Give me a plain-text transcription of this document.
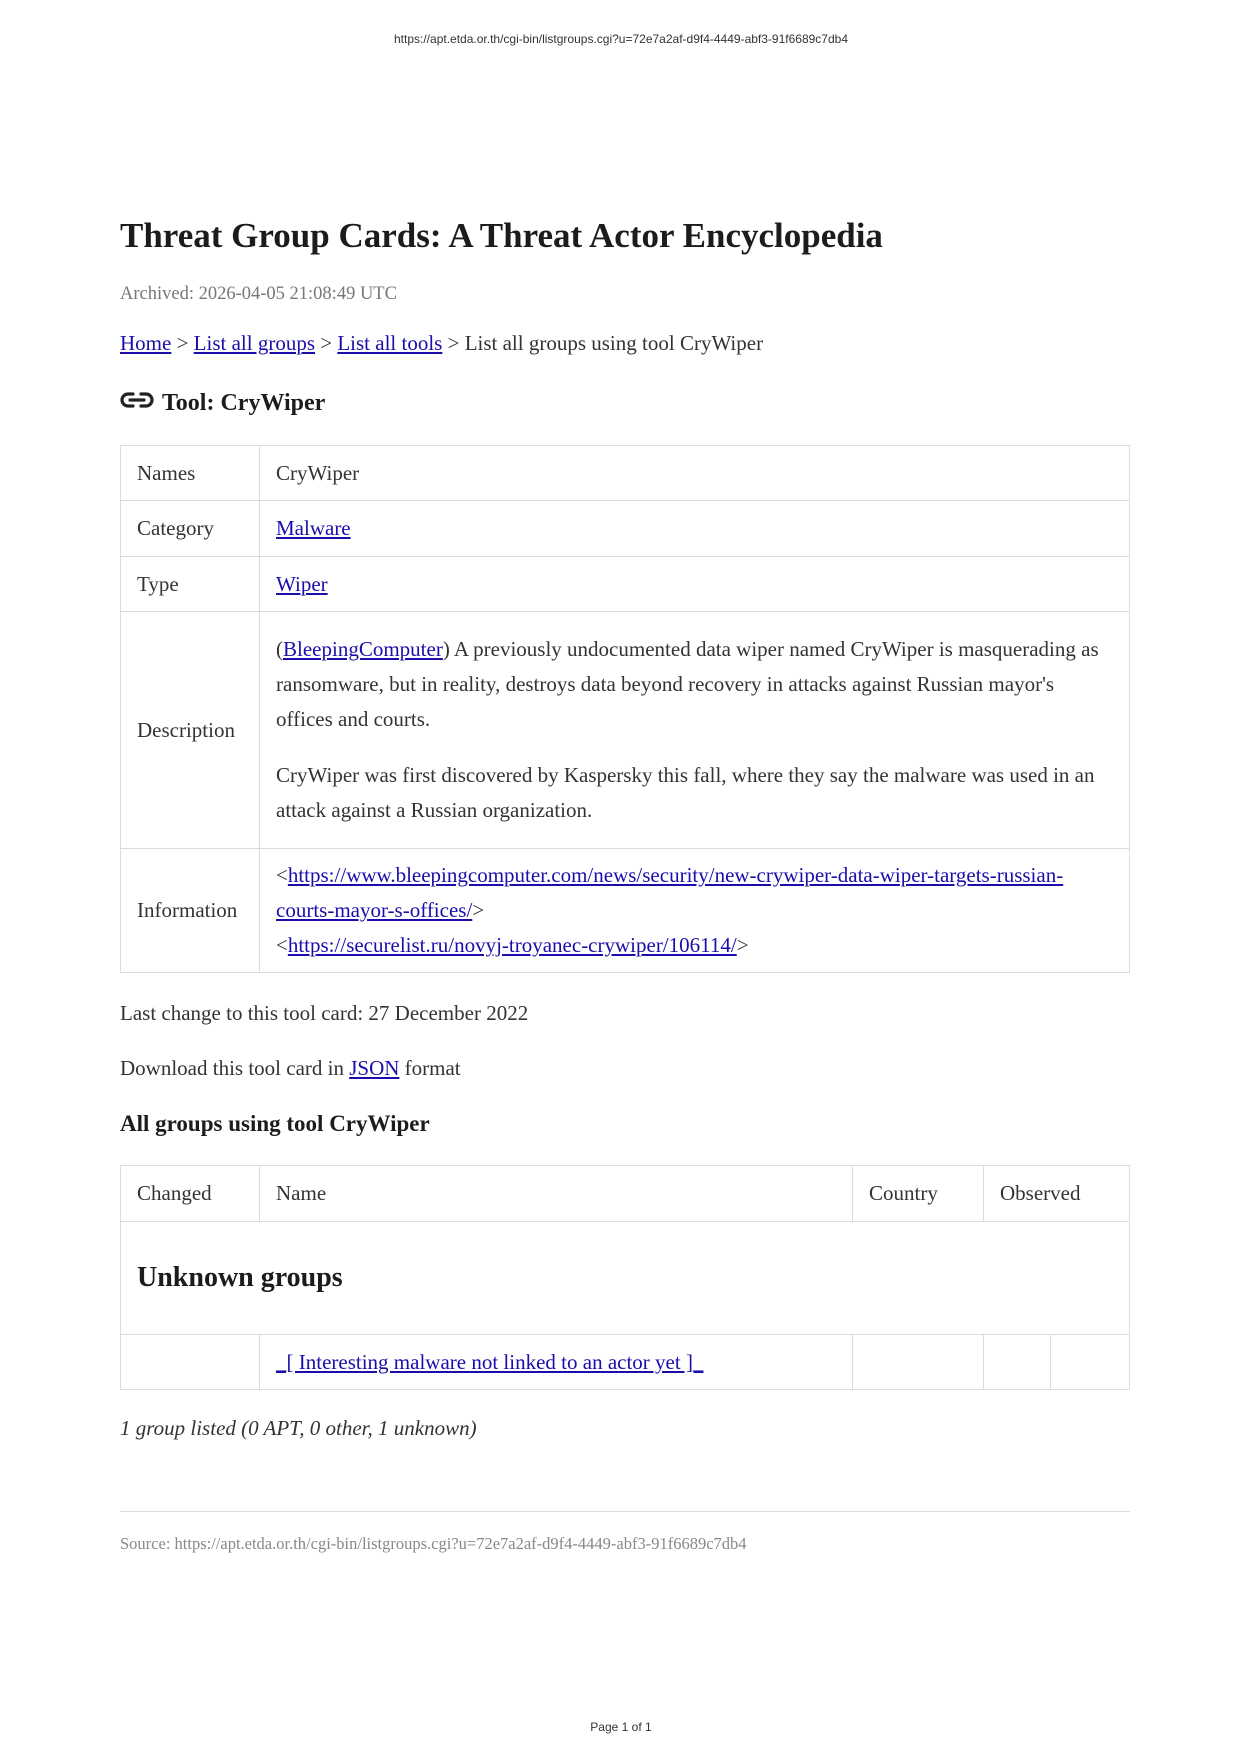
https://apt.etda.or.th/cgi-bin/listgroups.cgi?u=72e7a2af-d9f4-4449-abf3-91f6689c7db4
Threat Group Cards: A Threat Actor Encyclopedia
Archived: 2026-04-05 21:08:49 UTC
Home > List all groups > List all tools > List all groups using tool CryWiper
Tool: CryWiper
Names	CryWiper
Category	Malware
Type	Wiper
Description	(BleepingComputer) A previously undocumented data wiper named CryWiper is masquerading as ransomware, but in reality, destroys data beyond recovery in attacks against Russian mayor's offices and courts.

CryWiper was first discovered by Kaspersky this fall, where they say the malware was used in an attack against a Russian organization.

Information	<https://www.bleepingcomputer.com/news/security/new-crywiper-data-wiper-targets-russian-courts-mayor-s-offices/>

<https://securelist.ru/novyj-troyanec-crywiper/106114/>

Last change to this tool card: 27 December 2022
Download this tool card in JSON format
All groups using tool CryWiper
Changed	Name	Country	Observed	
Unknown groups				
	_[ Interesting malware not linked to an actor yet ]_			
1 group listed (0 APT, 0 other, 1 unknown)
Source: https://apt.etda.or.th/cgi-bin/listgroups.cgi?u=72e7a2af-d9f4-4449-abf3-91f6689c7db4
Page 1 of 1
